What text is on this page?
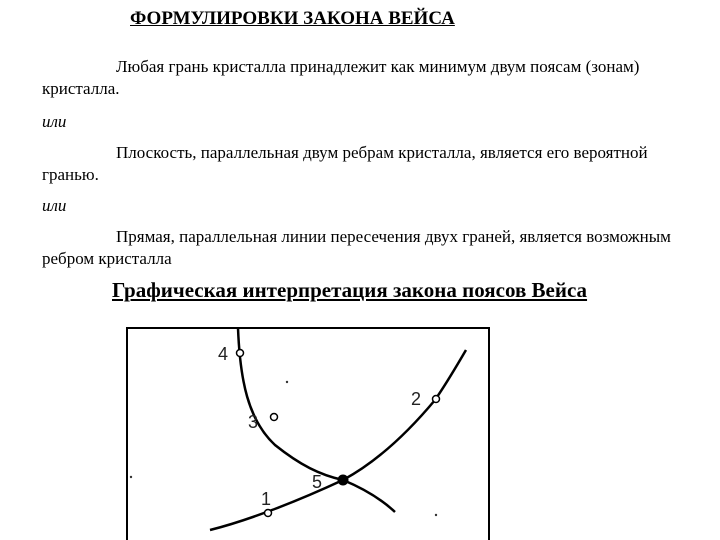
ФОРМУЛИРОВКИ ЗАКОНА ВЕЙСА

Любая грань кристалла принадлежит как минимум двум поясам (зонам) кристалла.

или

Плоскость, параллельная двум ребрам кристалла, является его вероятной гранью.

или

Прямая, параллельная линии пересечения двух граней, является возможным ребром кристалла

Графическая интерпретация закона поясов Вейса
4
3
2
5
1
